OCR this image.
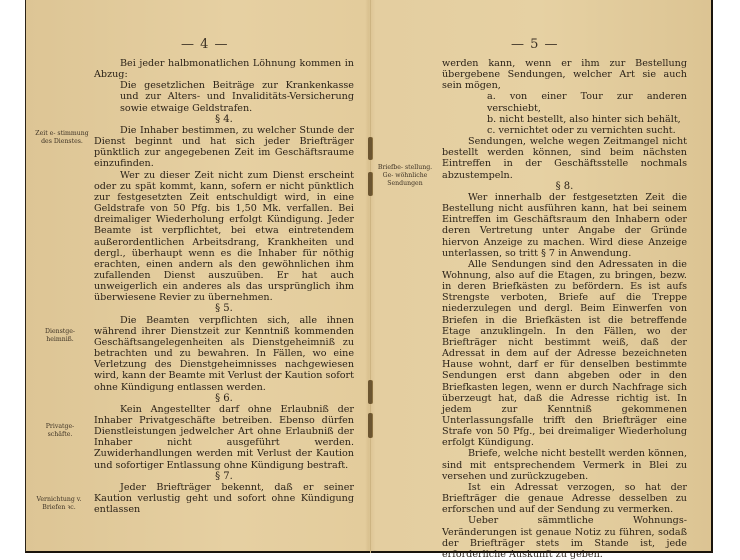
— 4 —
Zeit e- stimmung des Dienstes.
Dienstge- heimniß.
Privatge- schäfte.
Vernichtung v. Briefen ꝛc.

Bei jeder halbmonatlichen Löhnung kommen in Abzug:

Die gesetzlichen Beiträge zur Krankenkasse und zur Alters- und Invaliditäts-Versicherung sowie etwaige Geldstrafen.

§ 4.

Die Inhaber bestimmen, zu welcher Stunde der Dienst beginnt und hat sich jeder Briefträger pünktlich zur angegebenen Zeit im Geschäftsraume einzufinden.

Wer zu dieser Zeit nicht zum Dienst erscheint oder zu spät kommt, kann, sofern er nicht pünktlich zur festgesetzten Zeit entschuldigt wird, in eine Geldstrafe von 50 Pfg. bis 1,50 Mk. verfallen. Bei dreimaliger Wiederholung erfolgt Kündigung. Jeder Beamte ist verpflichtet, bei etwa eintretendem außerordentlichen Arbeitsdrang, Krankheiten und dergl., überhaupt wenn es die Inhaber für nöthig erachten, einen andern als den gewöhnlichen ihm zufallenden Dienst auszuüben. Er hat auch unweigerlich ein anderes als das ursprünglich ihm überwiesene Revier zu übernehmen.

§ 5.

Die Beamten verpflichten sich, alle ihnen während ihrer Dienstzeit zur Kenntniß kommenden Geschäftsangelegenheiten als Dienstgeheimniß zu betrachten und zu bewahren. In Fällen, wo eine Verletzung des Dienstgeheimnisses nachgewiesen wird, kann der Beamte mit Verlust der Kaution sofort ohne Kündigung entlassen werden.

§ 6.

Kein Angestellter darf ohne Erlaubniß der Inhaber Privatgeschäfte betreiben. Ebenso dürfen Dienstleistungen jedwelcher Art ohne Erlaubniß der Inhaber nicht ausgeführt werden. Zuwiderhandlungen werden mit Verlust der Kaution und sofortiger Entlassung ohne Kündigung bestraft.

§ 7.

Jeder Briefträger bekennt, daß er seiner Kaution verlustig geht und sofort ohne Kündigung entlassen

— 5 —
Briefbe- stellung. Ge- wöhnliche Sendungen

werden kann, wenn er ihm zur Bestellung übergebene Sendungen, welcher Art sie auch sein mögen,

a. von einer Tour zur anderen verschiebt,

b. nicht bestellt, also hinter sich behält,

c. vernichtet oder zu vernichten sucht.

Sendungen, welche wegen Zeitmangel nicht bestellt werden können, sind beim nächsten Eintreffen in der Geschäftsstelle nochmals abzustempeln.

§ 8.

Wer innerhalb der festgesetzten Zeit die Bestellung nicht ausführen kann, hat bei seinem Eintreffen im Geschäftsraum den Inhabern oder deren Vertretung unter Angabe der Gründe hiervon Anzeige zu machen. Wird diese Anzeige unterlassen, so tritt § 7 in Anwendung.

Alle Sendungen sind den Adressaten in die Wohnung, also auf die Etagen, zu bringen, bezw. in deren Briefkästen zu befördern. Es ist aufs Strengste verboten, Briefe auf die Treppe niederzulegen und dergl. Beim Einwerfen von Briefen in die Briefkästen ist die betreffende Etage anzuklingeln. In den Fällen, wo der Briefträger nicht bestimmt weiß, daß der Adressat in dem auf der Adresse bezeichneten Hause wohnt, darf er für denselben bestimmte Sendungen erst dann abgeben oder in den Briefkasten legen, wenn er durch Nachfrage sich überzeugt hat, daß die Adresse richtig ist. In jedem zur Kenntniß gekommenen Unterlassungsfalle trifft den Briefträger eine Strafe von 50 Pfg., bei dreimaliger Wiederholung erfolgt Kündigung.

Briefe, welche nicht bestellt werden können, sind mit entsprechendem Vermerk in Blei zu versehen und zurückzugeben.

Ist ein Adressat verzogen, so hat der Briefträger die genaue Adresse desselben zu erforschen und auf der Sendung zu vermerken.

Ueber sämmtliche Wohnungs-Veränderungen ist genaue Notiz zu führen, sodaß der Briefträger stets im Stande ist, jede erforderliche Auskunft zu geben.
